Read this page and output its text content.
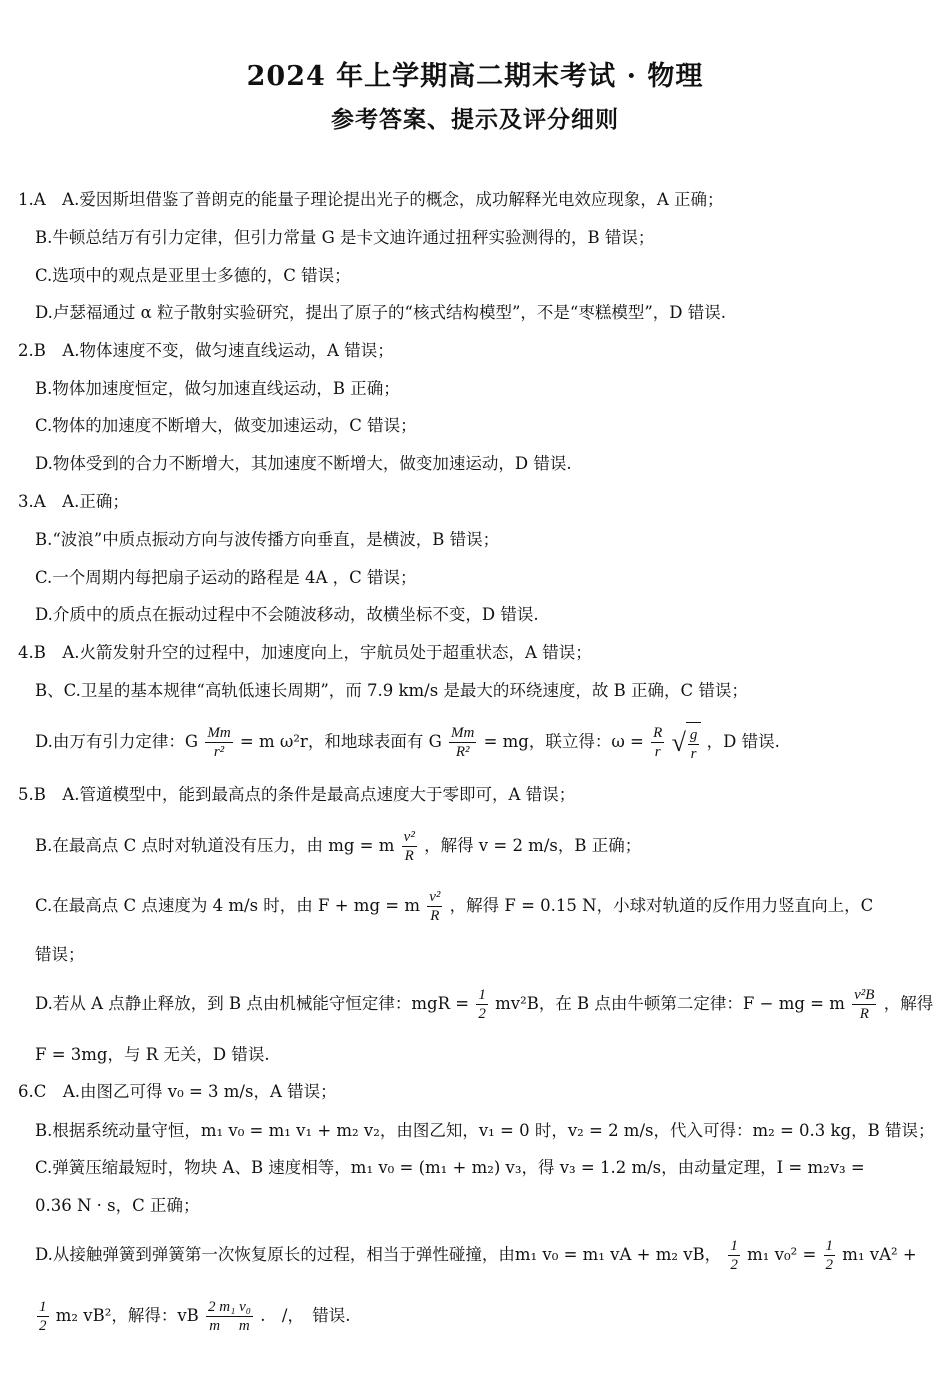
2024 年上学期高二期末考试 · 物理
参考答案、提示及评分细则
1.A　A.爱因斯坦借鉴了普朗克的能量子理论提出光子的概念，成功解释光电效应现象，A 正确；
B.牛顿总结万有引力定律，但引力常量 G 是卡文迪许通过扭秤实验测得的，B 错误；
C.选项中的观点是亚里士多德的，C 错误；
D.卢瑟福通过 α 粒子散射实验研究，提出了原子的“核式结构模型”，不是“枣糕模型”，D 错误.
2.B　A.物体速度不变，做匀速直线运动，A 错误；
B.物体加速度恒定，做匀加速直线运动，B 正确；
C.物体的加速度不断增大，做变加速运动，C 错误；
D.物体受到的合力不断增大，其加速度不断增大，做变加速运动，D 错误.
3.A　A.正确；
B.“波浪”中质点振动方向与波传播方向垂直，是横波，B 错误；
C.一个周期内每把扇子运动的路程是 4A ，C 错误；
D.介质中的质点在振动过程中不会随波移动，故横坐标不变，D 错误.
4.B　A.火箭发射升空的过程中，加速度向上，宇航员处于超重状态，A 错误；
B、C.卫星的基本规律“高轨低速长周期”，而 7.9 km/s 是最大的环绕速度，故 B 正确，C 错误；
D.由万有引力定律：G $\frac{Mm}{\text{r²}} = m$ ω²r，和地球表面有 G $\frac{Mm}{\text{R²}}$ = mg，联立得：$\omega = \frac{R}{r}$
√ $\frac{g}{r}$ ，D 错误.
5.B　A.管道模型中，能到最高点的条件是最高点速度大于零即可，A 错误；
B.在最高点 C 点时对轨道没有压力，由 mg = m $\frac{\text{v²}}{R}$ ，解得 v = 2 m/s，B 正确；
C.在最高点 C 点速度为 4 m/s 时，由 F + mg = m $\frac{\text{v²}}{R}$ ，解得 F = 0.15 N，小球对轨道的反作用力竖直向上，C
错误；
D.若从 A 点静止释放，到 B 点由机械能守恒定律：mgR = $\frac{1}{2} mv^2B$，在 B 点由牛顿第二定律：F − mg = m $\frac{\text{v²B}}{R}$ ，解得
F = 3mg，与 R 无关，D 错误.
6.C　A.由图乙可得 v₀ = 3 m/s，A 错误；
B.根据系统动量守恒，m₁ v₀ = m₁ v₁ + m₂ v₂，由图乙知，v₁ = 0 时，v₂ = 2 m/s，代入可得：m₂ = 0.3 kg，B 错误；
C.弹簧压缩最短时，物块 A、B 速度相等，m₁ v₀ = (m₁ + m₂) v₃，得 v₃ = 1.2 m/s，由动量定理，I = m₂v₃ =
0.36 N · s，C 正确；
D.从接触弹簧到弹簧第一次恢复原长的过程，相当于弹性碰撞，由m₁ v₀ = m₁ vA + m₂ vB， $\frac{1}{2} m_1$ $v_0^2 = \frac{1}{2} m_1$ vA² +
$\frac{1}{2} m_2$ vB²，解得：vB $\frac{\text{2 m₁ v₀}}{\text{m　 m}}$ .　/，　错误.
